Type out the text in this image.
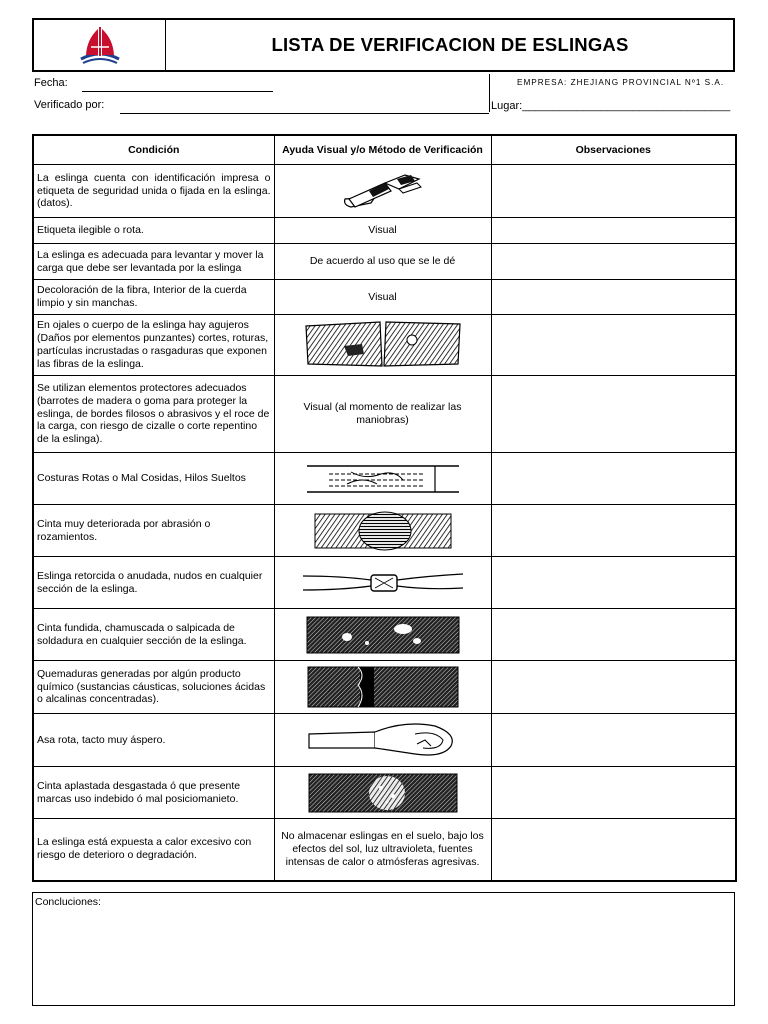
LISTA DE VERIFICACION DE ESLINGAS
Fecha:
Verificado por:
EMPRESA: ZHEJIANG PROVINCIAL Nº1 S.A.
Lugar:__________________________________
Condición	Ayuda Visual y/o Método de Verificación	Observaciones
La eslinga cuenta con identificación impresa o etiqueta de seguridad unida o fijada en la eslinga. (datos).	

Etiqueta ilegible o rota.	Visual	
La eslinga es adecuada para levantar y mover la carga que debe ser levantada por la eslinga	De acuerdo al uso que se le dé	
Decoloración de la fibra, Interior de la cuerda limpio y sin manchas.	Visual	
En ojales o cuerpo de la eslinga hay agujeros (Daños por elementos punzantes) cortes, roturas, partículas incrustadas o rasgaduras que exponen las fibras de la eslinga.	

Se utilizan elementos protectores adecuados (barrotes de madera o goma para proteger la eslinga, de bordes filosos o abrasivos y el roce de la carga, con riesgo de cizalle o corte repentino de la eslinga).	Visual (al momento de realizar las maniobras)	
Costuras Rotas o Mal Cosidas, Hilos Sueltos	

Cinta muy deteriorada por abrasión o rozamientos.	

Eslinga retorcida o anudada, nudos en cualquier sección de la eslinga.	

Cinta fundida, chamuscada o salpicada de soldadura en cualquier sección de la eslinga.	

Quemaduras generadas por algún producto químico (sustancias cáusticas, soluciones ácidas o alcalinas concentradas).	

Asa rota, tacto muy áspero.	

Cinta aplastada desgastada ó que presente marcas uso indebido ó mal posiciomanieto.	

La eslinga está expuesta a calor excesivo con riesgo de deterioro o degradación.	No almacenar eslingas en el suelo, bajo los efectos del sol, luz ultravioleta, fuentes intensas de calor o atmósferas agresivas.	
Concluciones:
